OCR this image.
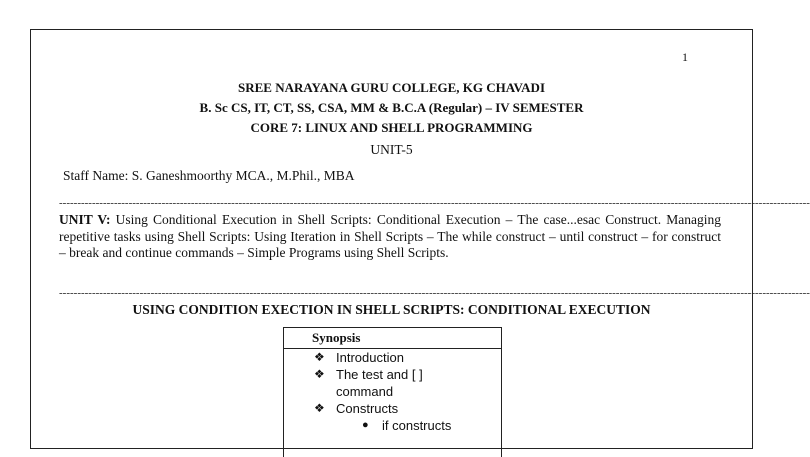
1

SREE NARAYANA GURU COLLEGE, KG CHAVADI

B. Sc CS, IT, CT, SS, CSA, MM & B.C.A (Regular) – IV SEMESTER

CORE 7: LINUX AND SHELL PROGRAMMING

UNIT-5
Staff Name: S. Ganeshmoorthy MCA., M.Phil., MBA
-------------------------------------------------------------------------------------------------------------------------------------------------------------------------------------------------------------

UNIT V: Using Conditional Execution in Shell Scripts: Conditional Execution – The case...esac Construct. Managing repetitive tasks using Shell Scripts: Using Iteration in Shell Scripts – The while construct – until construct – for construct – break and continue commands – Simple Programs using Shell Scripts.

-------------------------------------------------------------------------------------------------------------------------------------------------------------------------------------------------------------
USING CONDITION EXECTION IN SHELL SCRIPTS: CONDITIONAL EXECUTION
Synopsis
❖ Introduction
❖ The test and [ ]
command
❖ Constructs
● if constructs
